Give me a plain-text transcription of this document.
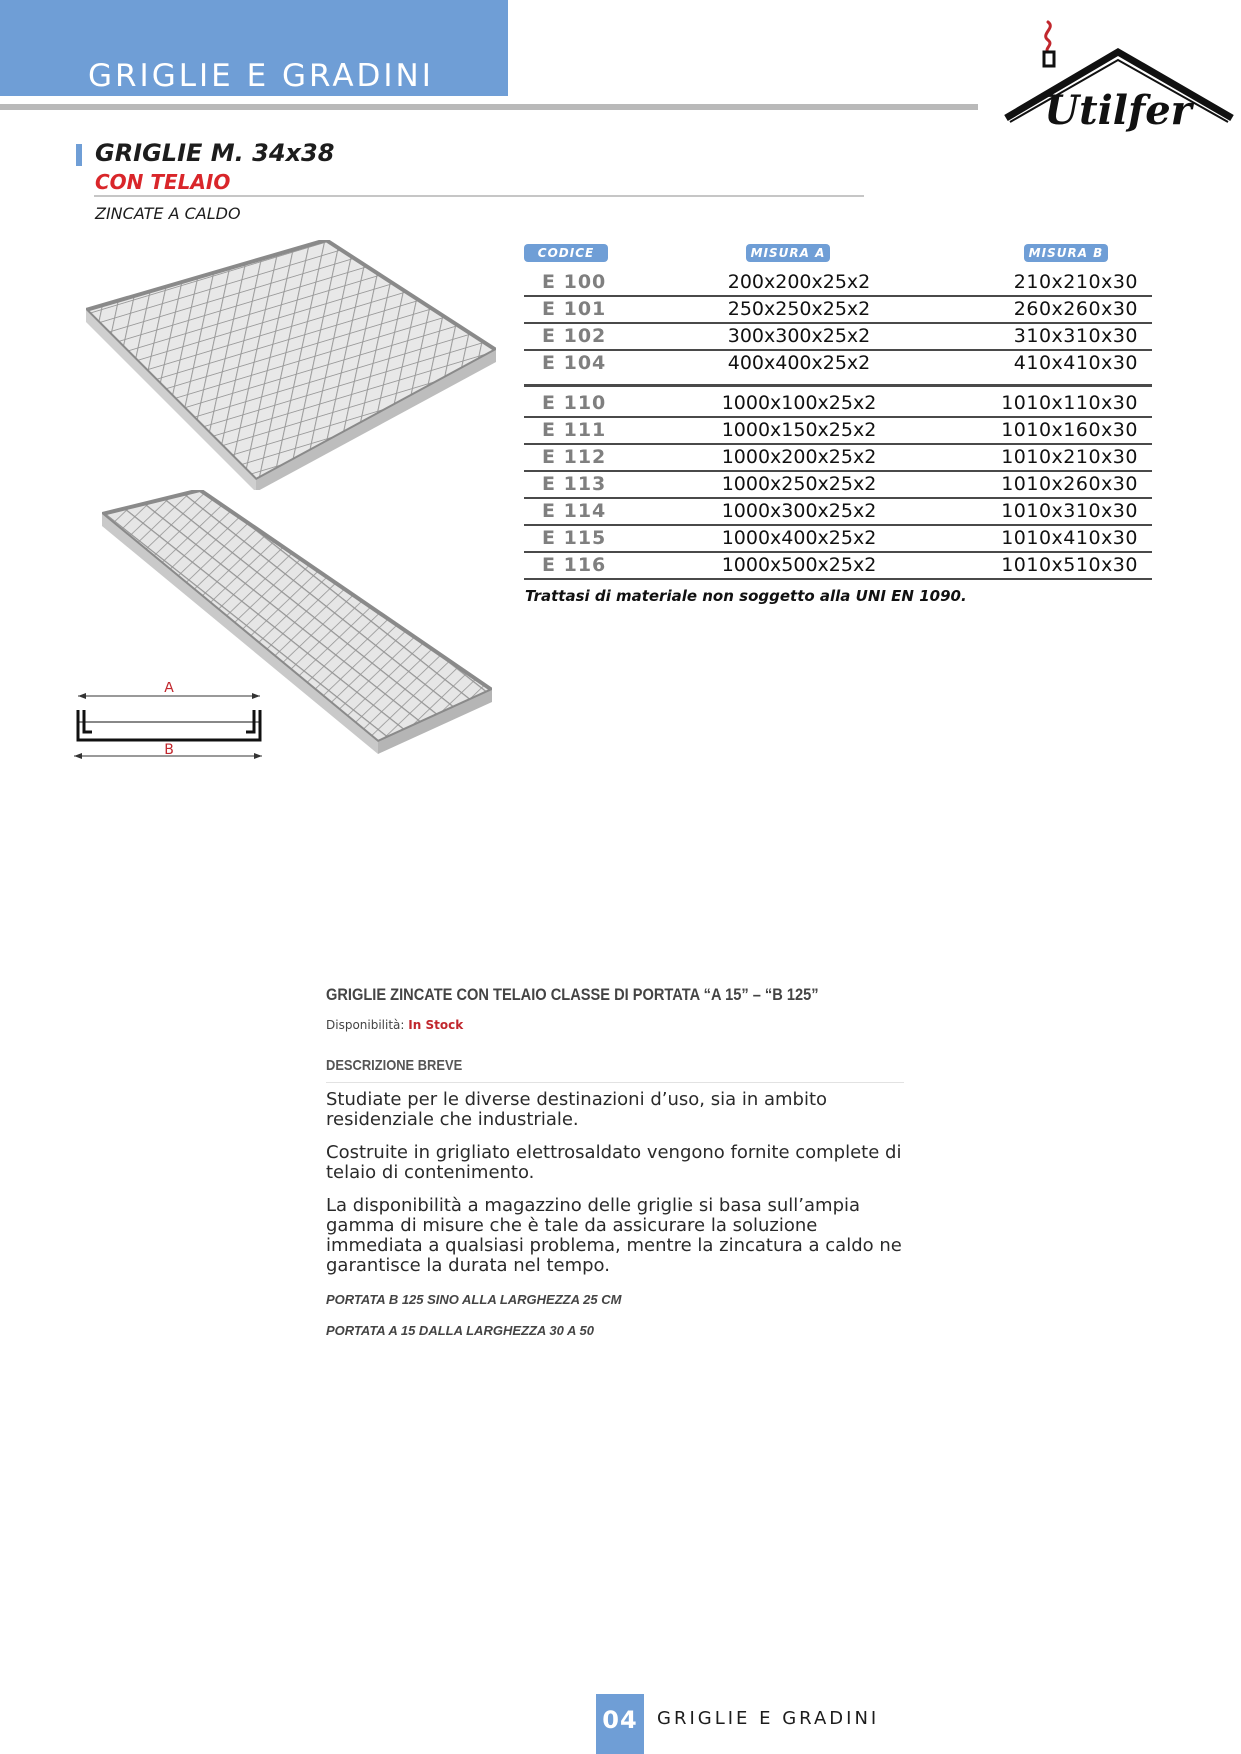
GRIGLIE E GRADINI
Utilfer
GRIGLIE M. 34x38
CON TELAIO
ZINCATE A CALDO
A
B
CODICE	MISURA A	MISURA B
E 100	200x200x25x2	210x210x30
E 101	250x250x25x2	260x260x30
E 102	300x300x25x2	310x310x30
E 104	400x400x25x2	410x410x30
E 110	1000x100x25x2	1010x110x30
E 111	1000x150x25x2	1010x160x30
E 112	1000x200x25x2	1010x210x30
E 113	1000x250x25x2	1010x260x30
E 114	1000x300x25x2	1010x310x30
E 115	1000x400x25x2	1010x410x30
E 116	1000x500x25x2	1010x510x30
Trattasi di materiale non soggetto alla UNI EN 1090.
GRIGLIE ZINCATE CON TELAIO CLASSE DI PORTATA “A 15” – “B 125”
Disponibilità: In Stock
DESCRIZIONE BREVE
Studiate per le diverse destinazioni d’uso, sia in ambito residenziale che industriale.
Costruite in grigliato elettrosaldato vengono fornite complete di telaio di contenimento.
La disponibilità a magazzino delle griglie si basa sull’ampia gamma di misure che è tale da assicurare la soluzione immediata a qualsiasi problema, mentre la zincatura a caldo ne garantisce la durata nel tempo.
PORTATA B 125 SINO ALLA LARGHEZZA 25 CM
PORTATA A 15 DALLA LARGHEZZA 30 A 50
04	GRIGLIE E GRADINI
